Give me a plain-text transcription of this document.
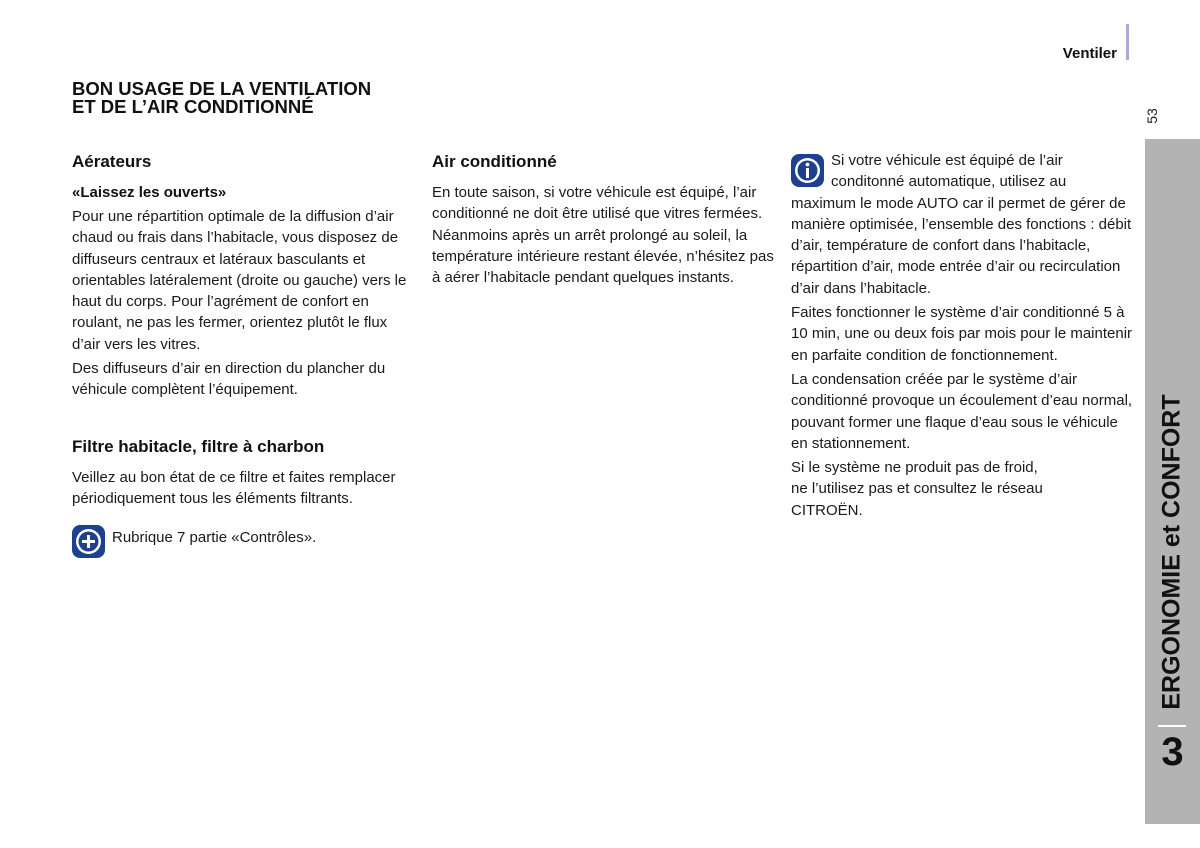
Ventiler
53
ERGONOMIE et CONFORT
3
BON USAGE DE LA VENTILATION ET DE L’AIR CONDITIONNÉ
Aérateurs
«Laissez les ouverts»

Pour une répartition optimale de la diffusion d’air chaud ou frais dans l’habitacle, vous disposez de diffuseurs centraux et latéraux basculants et orientables latéralement (droite ou gauche) vers le haut du corps. Pour l’agrément de confort en roulant, ne pas les fermer, orientez plutôt le flux d’air vers les vitres.

Des diffuseurs d’air en direction du plancher du véhicule complètent l’équipement.

Filtre habitacle, filtre à charbon

Veillez au bon état de ce filtre et faites remplacer périodiquement tous les éléments filtrants.

Rubrique 7 partie «Contrôles».
Air conditionné

En toute saison, si votre véhicule est équipé, l’air conditionné ne doit être utilisé que vitres fermées. Néanmoins après un arrêt prolongé au soleil, la température intérieure restant élevée, n’hésitez pas à aérer l’habitacle pendant quelques instants.

Si votre véhicule est équipé de l’air
conditonné automatique, utilisez au

maximum le mode AUTO car il permet de gérer de manière optimisée, l’ensemble des fonctions : débit d’air, température de confort dans l’habitacle, répartition d’air, mode entrée d’air ou recirculation d’air dans l’habitacle.

Faites fonctionner le système d’air conditionné 5 à 10 min, une ou deux fois par mois pour le maintenir en parfaite condition de fonctionnement.

La condensation créée par le système d’air conditionné provoque un écoulement d’eau normal, pouvant former une flaque d’eau sous le véhicule en stationnement.

Si le système ne produit pas de froid,
ne l’utilisez pas et consultez le réseau
CITROËN.
